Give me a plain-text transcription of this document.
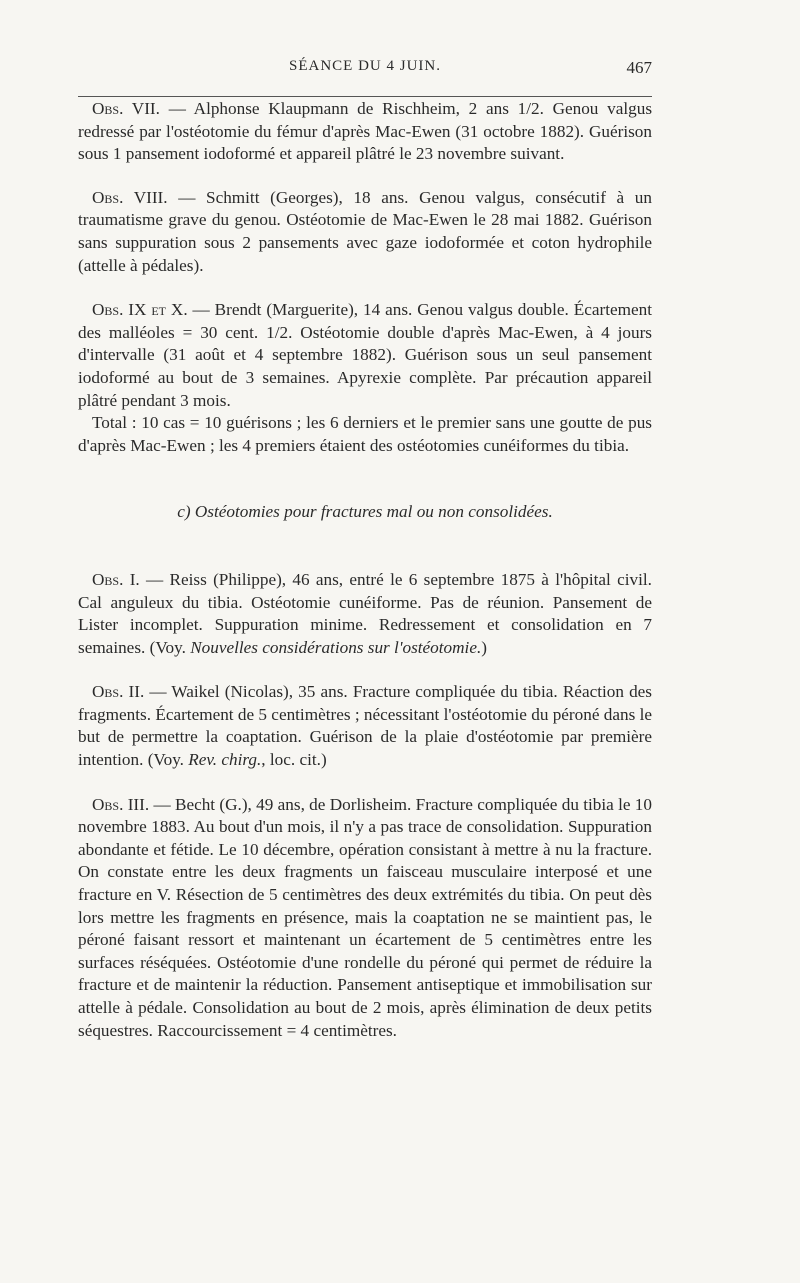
SÉANCE DU 4 JUIN.	467

Obs. VII. — Alphonse Klaupmann de Rischheim, 2 ans 1/2. Genou valgus redressé par l'ostéotomie du fémur d'après Mac-Ewen (31 octobre 1882). Guérison sous 1 pansement iodoformé et appareil plâtré le 23 novembre suivant.

Obs. VIII. — Schmitt (Georges), 18 ans. Genou valgus, consécutif à un traumatisme grave du genou. Ostéotomie de Mac-Ewen le 28 mai 1882. Guérison sans suppuration sous 2 pansements avec gaze iodoformée et coton hydrophile (attelle à pédales).

Obs. IX et X. — Brendt (Marguerite), 14 ans. Genou valgus double. Écartement des malléoles = 30 cent. 1/2. Ostéotomie double d'après Mac-Ewen, à 4 jours d'intervalle (31 août et 4 septembre 1882). Guérison sous un seul pansement iodoformé au bout de 3 semaines. Apyrexie complète. Par précaution appareil plâtré pendant 3 mois.

Total : 10 cas = 10 guérisons ; les 6 derniers et le premier sans une goutte de pus d'après Mac-Ewen ; les 4 premiers étaient des ostéotomies cunéiformes du tibia.

c) Ostéotomies pour fractures mal ou non consolidées.

Obs. I. — Reiss (Philippe), 46 ans, entré le 6 septembre 1875 à l'hôpital civil. Cal anguleux du tibia. Ostéotomie cunéiforme. Pas de réunion. Pansement de Lister incomplet. Suppuration minime. Redressement et consolidation en 7 semaines. (Voy. Nouvelles considérations sur l'ostéotomie.)

Obs. II. — Waikel (Nicolas), 35 ans. Fracture compliquée du tibia. Réaction des fragments. Écartement de 5 centimètres ; nécessitant l'ostéotomie du péroné dans le but de permettre la coaptation. Guérison de la plaie d'ostéotomie par première intention. (Voy. Rev. chirg., loc. cit.)

Obs. III. — Becht (G.), 49 ans, de Dorlisheim. Fracture compliquée du tibia le 10 novembre 1883. Au bout d'un mois, il n'y a pas trace de consolidation. Suppuration abondante et fétide. Le 10 décembre, opération consistant à mettre à nu la fracture. On constate entre les deux fragments un faisceau musculaire interposé et une fracture en V. Résection de 5 centimètres des deux extrémités du tibia. On peut dès lors mettre les fragments en présence, mais la coaptation ne se maintient pas, le péroné faisant ressort et maintenant un écartement de 5 centimètres entre les surfaces réséquées. Ostéotomie d'une rondelle du péroné qui permet de réduire la fracture et de maintenir la réduction. Pansement antiseptique et immobilisation sur attelle à pédale. Consolidation au bout de 2 mois, après élimination de deux petits séquestres. Raccourcissement = 4 centimètres.
